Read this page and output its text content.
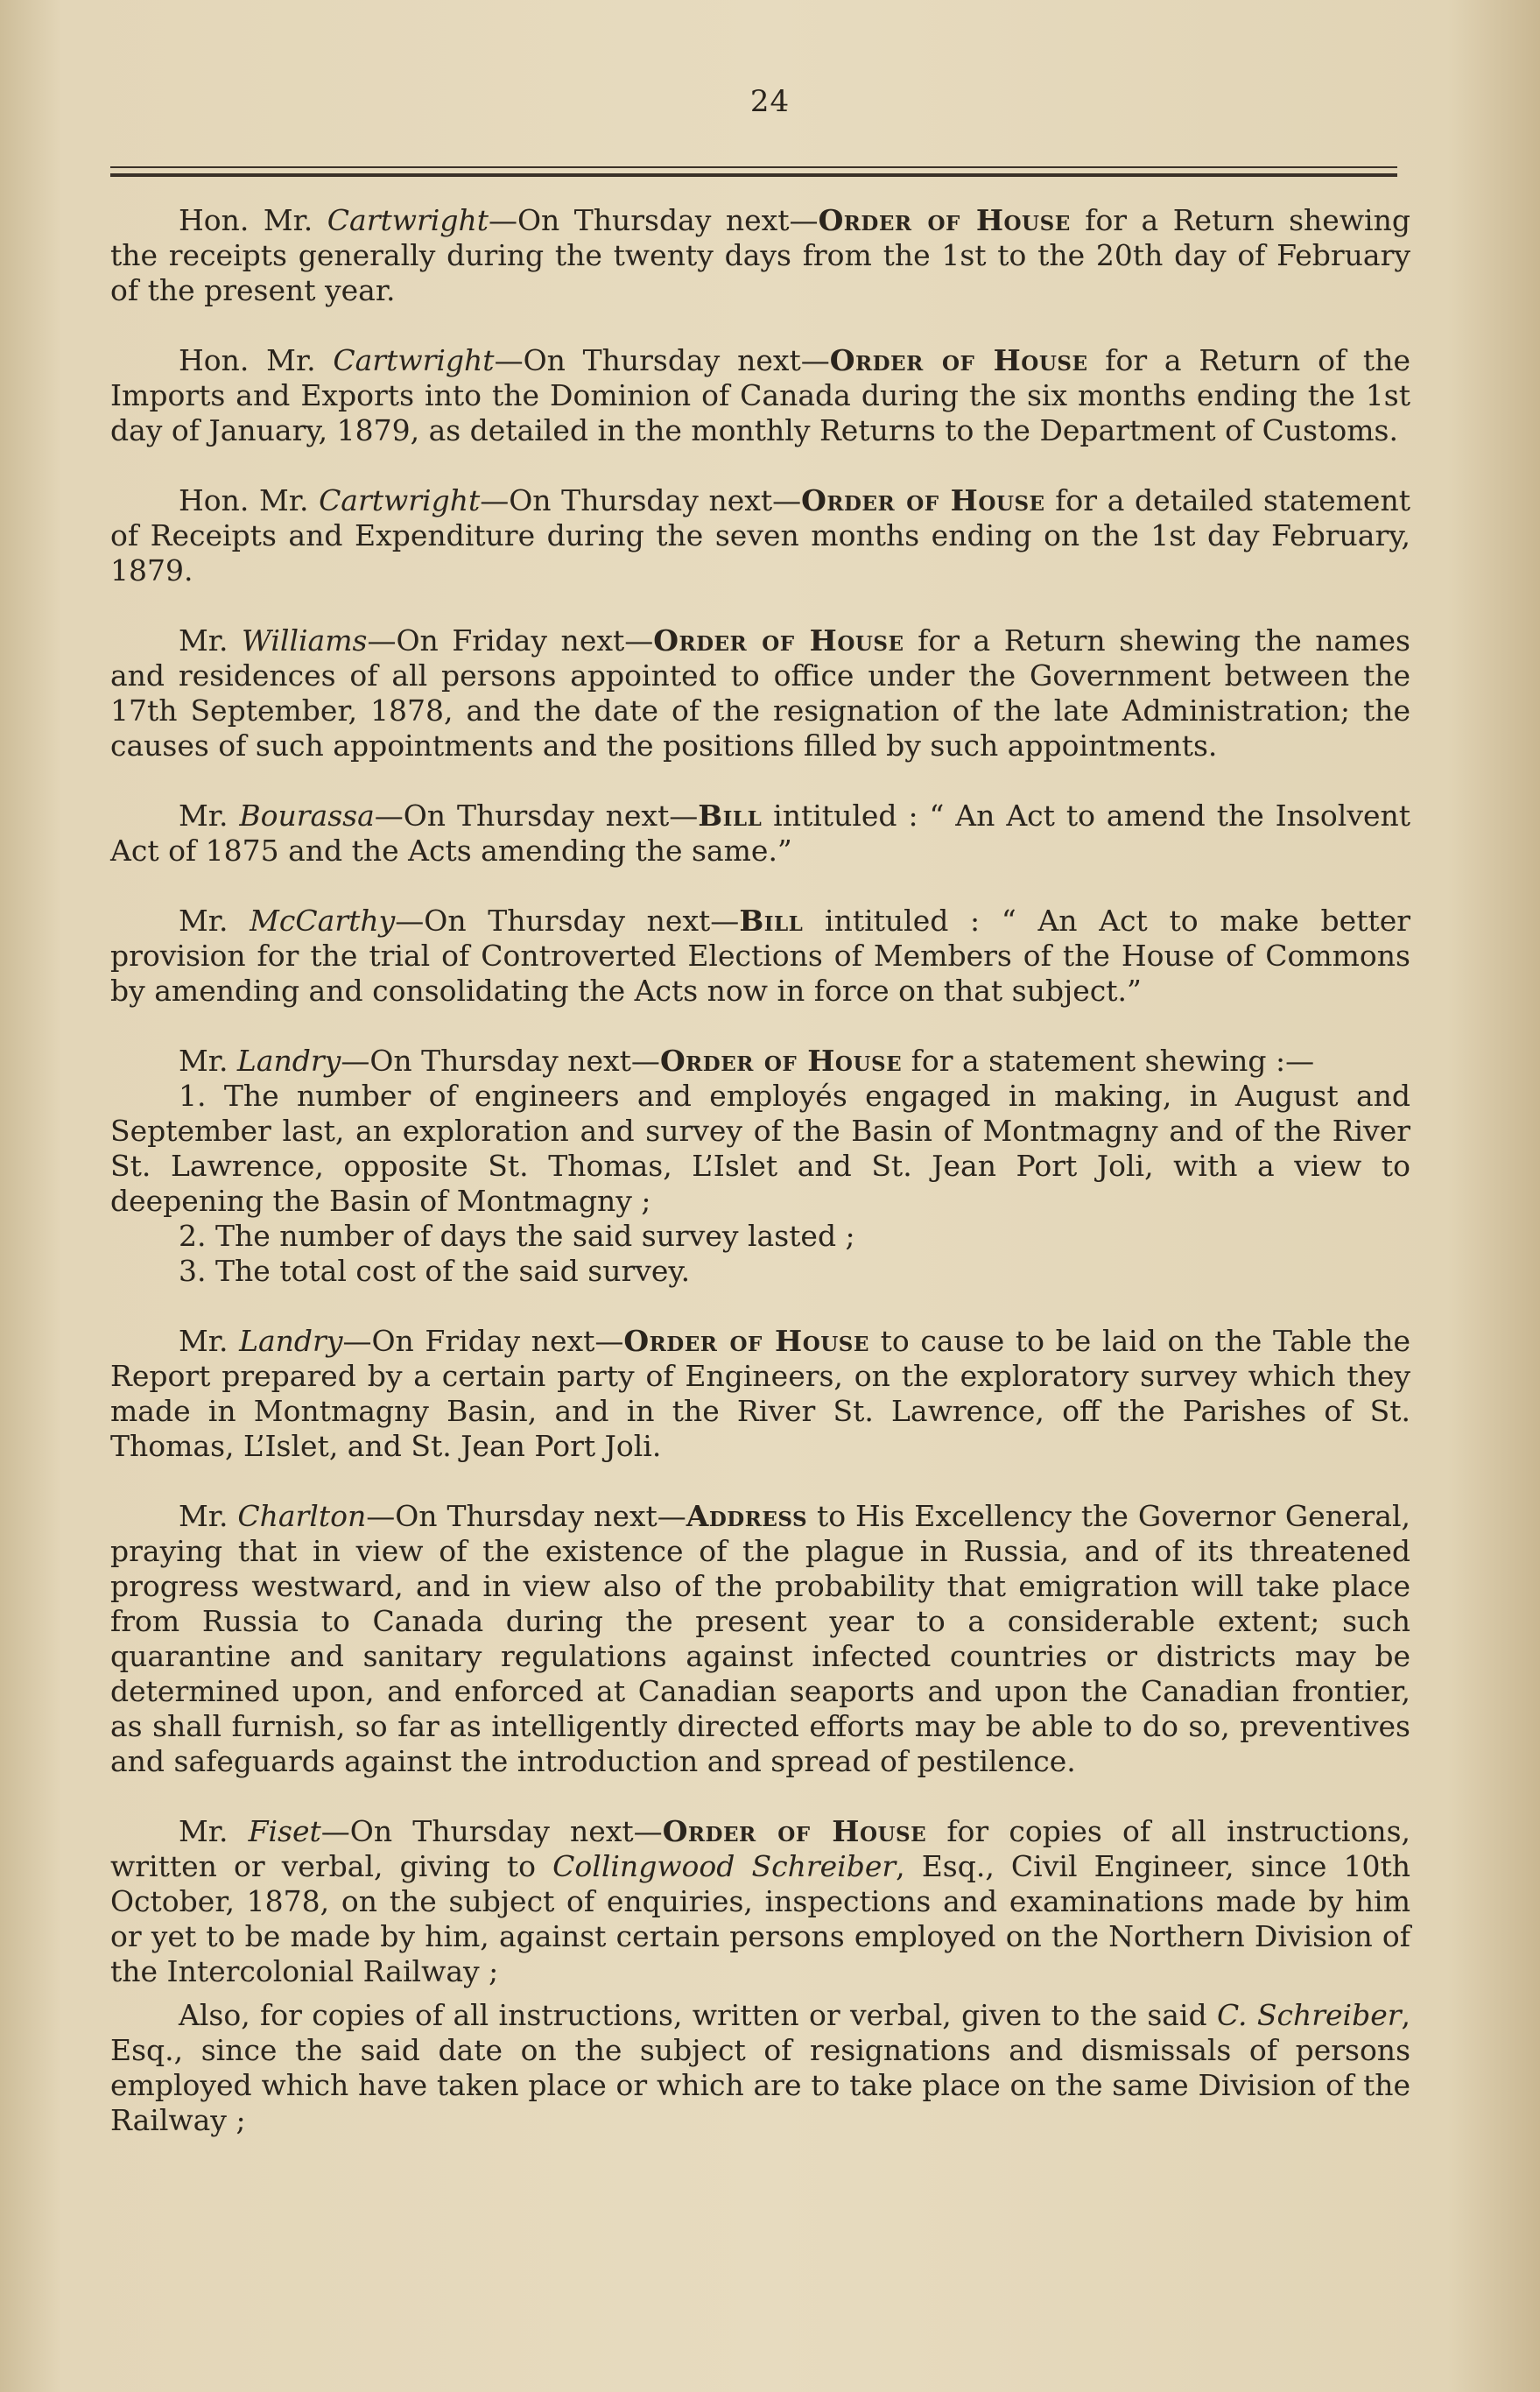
24

Hon. Mr. Cartwright—On Thursday next—Order of House for a Return shewing the receipts generally during the twenty days from the 1st to the 20th day of February of the present year.

Hon. Mr. Cartwright—On Thursday next—Order of House for a Return of the Imports and Exports into the Dominion of Canada during the six months ending the 1st day of January, 1879, as detailed in the monthly Returns to the Department of Customs.

Hon. Mr. Cartwright—On Thursday next—Order of House for a detailed statement of Receipts and Expenditure during the seven months ending on the 1st day February, 1879.

Mr. Williams—On Friday next—Order of House for a Return shewing the names and residences of all persons appointed to office under the Government between the 17th September, 1878, and the date of the resignation of the late Administration; the causes of such appointments and the positions filled by such appointments.

Mr. Bourassa—On Thursday next—Bill intituled : “ An Act to amend the Insolvent Act of 1875 and the Acts amending the same.”

Mr. McCarthy—On Thursday next—Bill intituled : “ An Act to make better provision for the trial of Controverted Elections of Members of the House of Commons by amending and consolidating the Acts now in force on that subject.”

Mr. Landry—On Thursday next—Order of House for a statement shewing :—

1. The number of engineers and employés engaged in making, in August and September last, an exploration and survey of the Basin of Montmagny and of the River St. Lawrence, opposite St. Thomas, L’Islet and St. Jean Port Joli, with a view to deepening the Basin of Montmagny ;

2. The number of days the said survey lasted ;

3. The total cost of the said survey.

Mr. Landry—On Friday next—Order of House to cause to be laid on the Table the Report prepared by a certain party of Engineers, on the exploratory survey which they made in Montmagny Basin, and in the River St. Lawrence, off the Parishes of St. Thomas, L’Islet, and St. Jean Port Joli.

Mr. Charlton—On Thursday next—Address to His Excellency the Governor General, praying that in view of the existence of the plague in Russia, and of its threatened progress westward, and in view also of the probability that emigration will take place from Russia to Canada during the present year to a considerable extent; such quarantine and sanitary regulations against infected countries or districts may be determined upon, and enforced at Canadian seaports and upon the Canadian frontier, as shall furnish, so far as intelligently directed efforts may be able to do so, preventives and safeguards against the introduction and spread of pestilence.

Mr. Fiset—On Thursday next—Order of House for copies of all instructions, written or verbal, giving to Collingwood Schreiber, Esq., Civil Engineer, since 10th October, 1878, on the subject of enquiries, inspections and examinations made by him or yet to be made by him, against certain persons employed on the Northern Division of the Intercolonial Railway ;

Also, for copies of all instructions, written or verbal, given to the said C. Schreiber, Esq., since the said date on the subject of resignations and dismissals of persons employed which have taken place or which are to take place on the same Division of the Railway ;
